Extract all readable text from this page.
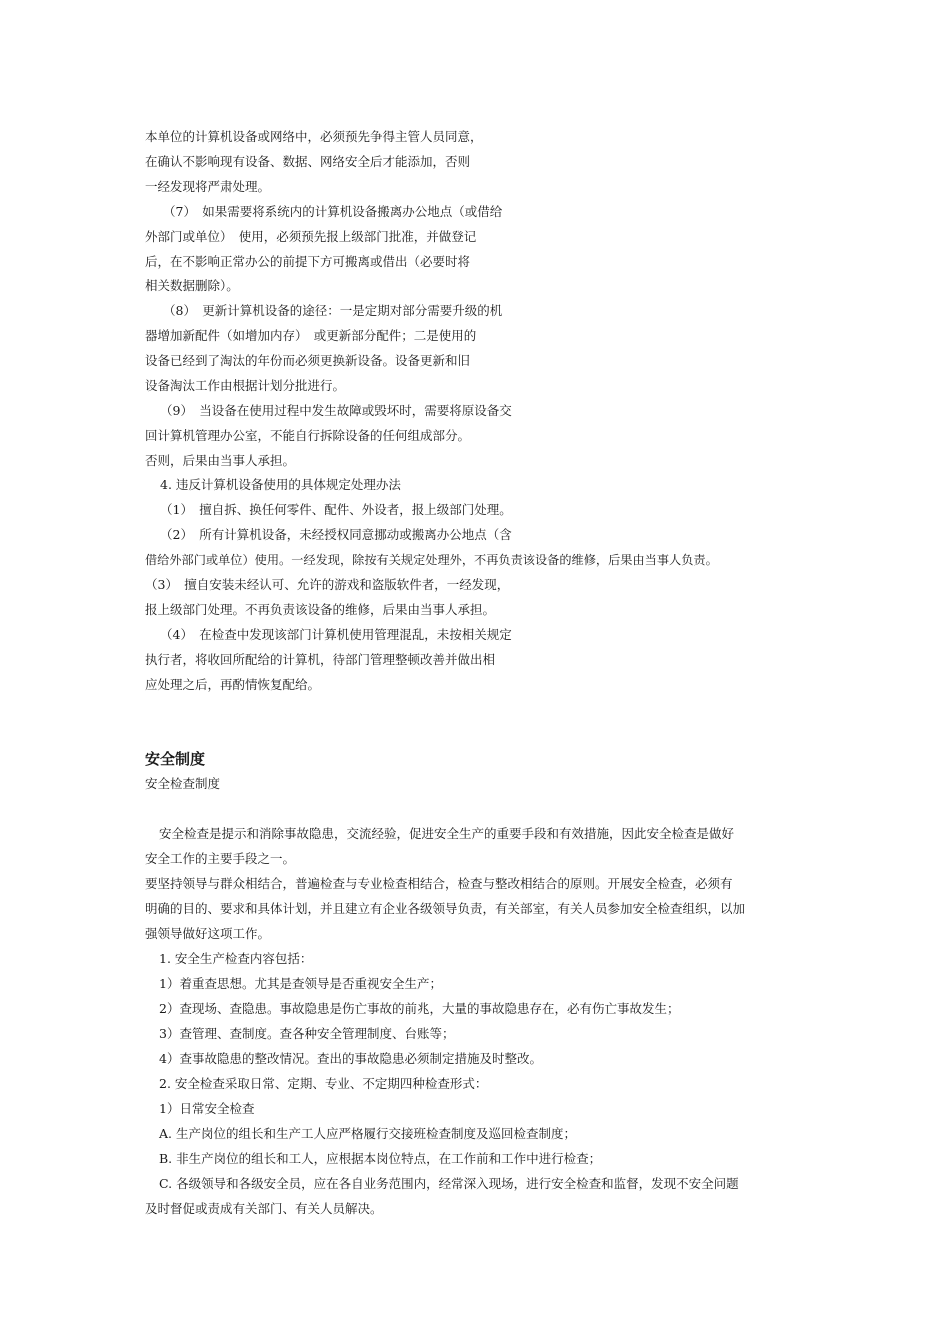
本单位的计算机设备或网络中，必须预先争得主管人员同意，

在确认不影响现有设备、数据、网络安全后才能添加，否则

一经发现将严肃处理。

（7）　如果需要将系统内的计算机设备搬离办公地点（或借给

外部门或单位）　使用，必须预先报上级部门批准，并做登记

后，在不影响正常办公的前提下方可搬离或借出（必要时将

相关数据删除）。

（8）　更新计算机设备的途径：一是定期对部分需要升级的机

器增加新配件（如增加内存）　或更新部分配件；二是使用的

设备已经到了淘汰的年份而必须更换新设备。设备更新和旧

设备淘汰工作由根据计划分批进行。

（9）　当设备在使用过程中发生故障或毁坏时，需要将原设备交

回计算机管理办公室，不能自行拆除设备的任何组成部分。

否则，后果由当事人承担。

4. 违反计算机设备使用的具体规定处理办法

（1）　擅自拆、换任何零件、配件、外设者，报上级部门处理。

（2）　所有计算机设备，未经授权同意挪动或搬离办公地点（含

借给外部门或单位）使用。一经发现，除按有关规定处理外，不再负责该设备的维修，后果由当事人负责。

（3）　擅自安装未经认可、允许的游戏和盗版软件者，一经发现，

报上级部门处理。不再负责该设备的维修，后果由当事人承担。

（4）　在检查中发现该部门计算机使用管理混乱，未按相关规定

执行者，将收回所配给的计算机，待部门管理整顿改善并做出相

应处理之后，再酌情恢复配给。

安全制度

安全检查制度

安全检查是提示和消除事故隐患，交流经验，促进安全生产的重要手段和有效措施，因此安全检查是做好

安全工作的主要手段之一。

要坚持领导与群众相结合，普遍检查与专业检查相结合，检查与整改相结合的原则。开展安全检查，必须有

明确的目的、要求和具体计划，并且建立有企业各级领导负责，有关部室，有关人员参加安全检查组织，以加

强领导做好这项工作。

1. 安全生产检查内容包括：

1）着重查思想。尤其是查领导是否重视安全生产；

2）查现场、查隐患。事故隐患是伤亡事故的前兆，大量的事故隐患存在，必有伤亡事故发生；

3）查管理、查制度。查各种安全管理制度、台账等；

4）查事故隐患的整改情况。查出的事故隐患必须制定措施及时整改。

2. 安全检查采取日常、定期、专业、不定期四种检查形式：

1）日常安全检查

A. 生产岗位的组长和生产工人应严格履行交接班检查制度及巡回检查制度；

B. 非生产岗位的组长和工人，应根据本岗位特点，在工作前和工作中进行检查；

C. 各级领导和各级安全员，应在各自业务范围内，经常深入现场，进行安全检查和监督，发现不安全问题

及时督促或责成有关部门、有关人员解决。
